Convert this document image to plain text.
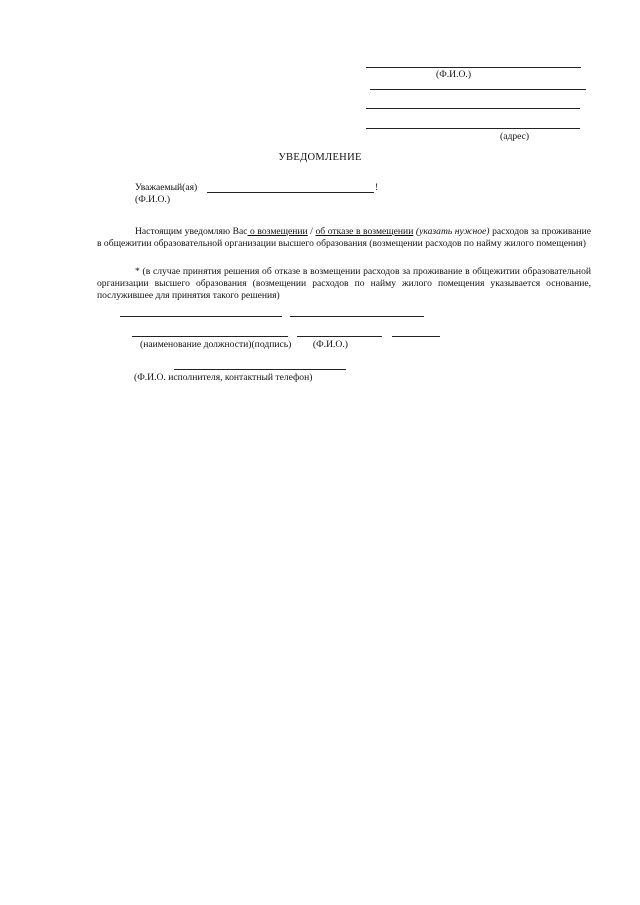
(Ф.И.О.)
(адрес)
УВЕДОМЛЕНИЕ
Уважаемый(ая)	!
(Ф.И.О.)
Настоящим уведомляю Вас о возмещении / об отказе в возмещении (указать нужное) расходов за проживание в общежитии образовательной организации высшего образования (возмещении расходов по найму жилого помещения)
* (в случае принятия решения об отказе в возмещении расходов за проживание в общежитии образовательной организации высшего образования (возмещении расходов по найму жилого помещения указывается основание, послужившее для принятия такого решения)
(наименование должности)(подпись)         (Ф.И.О.)
(Ф.И.О. исполнителя, контактный телефон)
